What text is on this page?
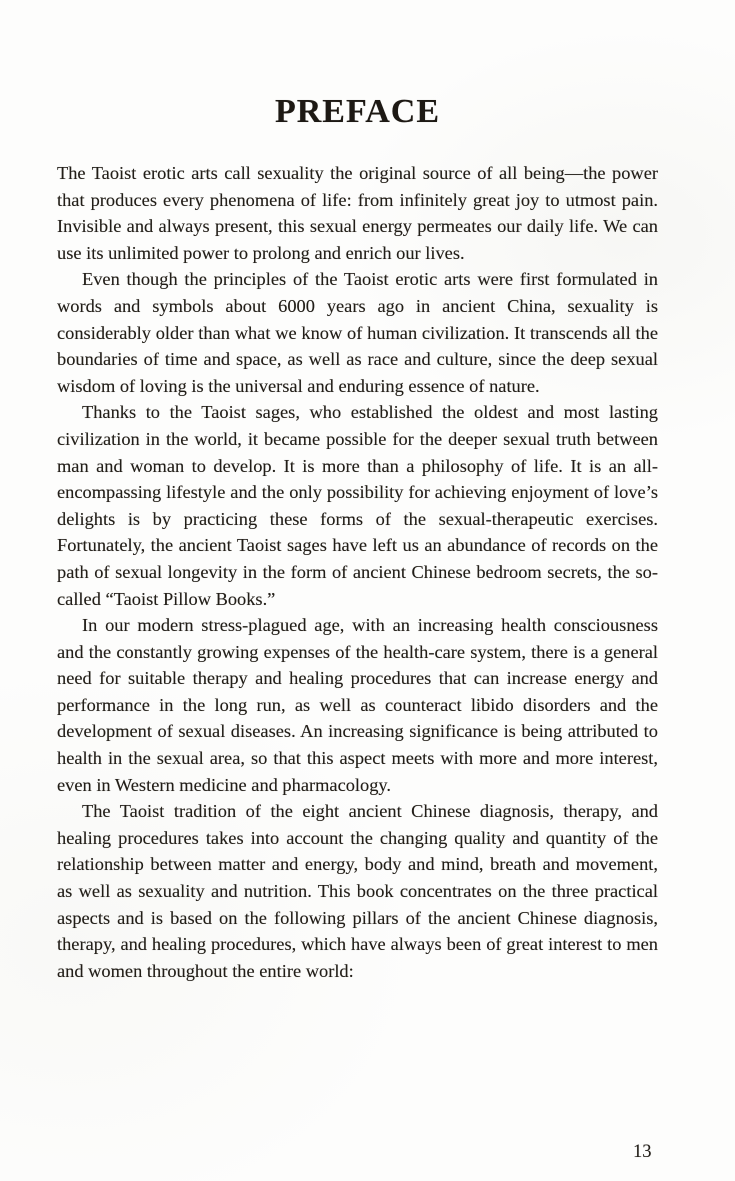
PREFACE

The Taoist erotic arts call sexuality the original source of all being—the power that produces every phenomena of life: from infinitely great joy to utmost pain. Invisible and always present, this sexual energy permeates our daily life. We can use its unlimited power to prolong and enrich our lives.

Even though the principles of the Taoist erotic arts were first formulated in words and symbols about 6000 years ago in ancient China, sexuality is considerably older than what we know of human civilization. It transcends all the boundaries of time and space, as well as race and culture, since the deep sexual wisdom of loving is the universal and enduring essence of nature.

Thanks to the Taoist sages, who established the oldest and most lasting civilization in the world, it became possible for the deeper sexual truth between man and woman to develop. It is more than a philosophy of life. It is an all-encompassing lifestyle and the only possibility for achieving enjoyment of love’s delights is by practicing these forms of the sexual-therapeutic exercises. Fortunately, the ancient Taoist sages have left us an abundance of records on the path of sexual longevity in the form of ancient Chinese bedroom secrets, the so-called “Taoist Pillow Books.”

In our modern stress-plagued age, with an increasing health consciousness and the constantly growing expenses of the health-care system, there is a general need for suitable therapy and healing procedures that can increase energy and performance in the long run, as well as counteract libido disorders and the development of sexual diseases. An increasing significance is being attributed to health in the sexual area, so that this aspect meets with more and more interest, even in Western medicine and pharmacology.

The Taoist tradition of the eight ancient Chinese diagnosis, therapy, and healing procedures takes into account the changing quality and quantity of the relationship between matter and energy, body and mind, breath and movement, as well as sexuality and nutrition. This book concentrates on the three practical aspects and is based on the following pillars of the ancient Chinese diagnosis, therapy, and healing procedures, which have always been of great interest to men and women throughout the entire world:

13
